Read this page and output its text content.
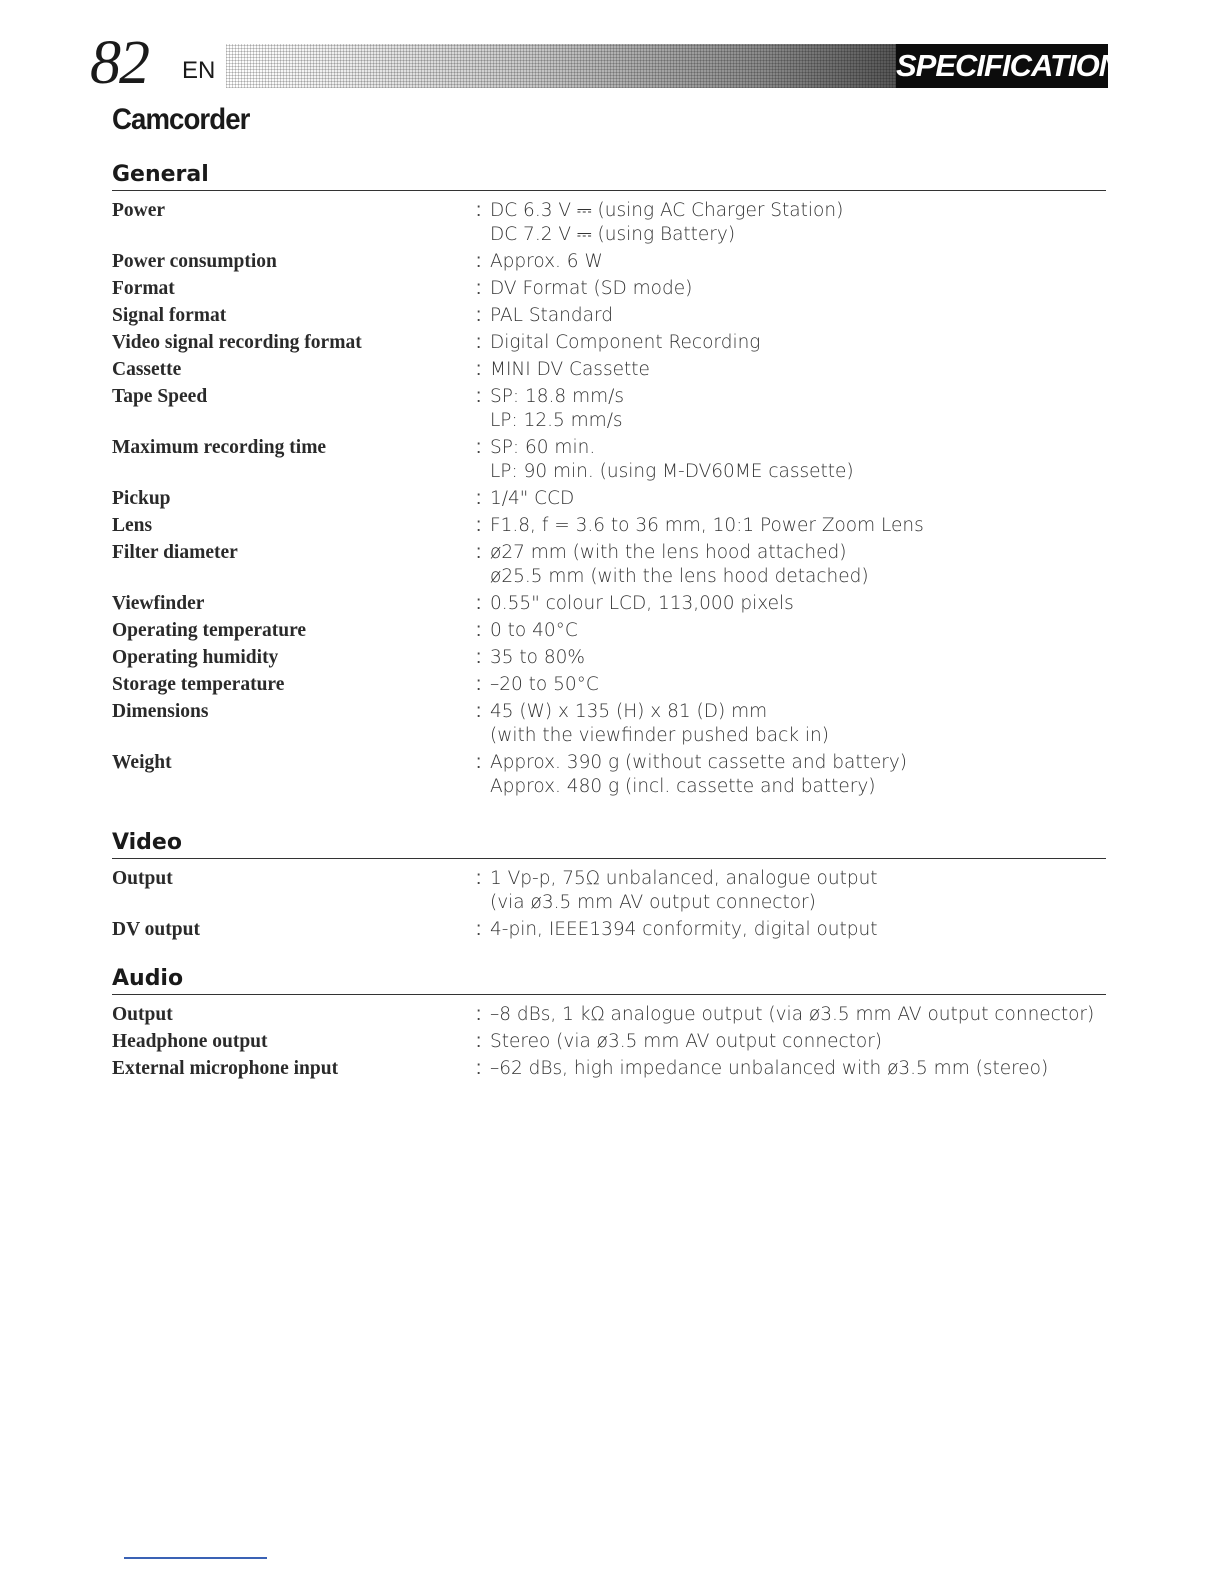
82 EN	SPECIFICATIONS
Camcorder
General
Power	: DC 6.3 V ⎓ (using AC Charger Station)
DC 7.2 V ⎓ (using Battery)
Power consumption	: Approx. 6 W
Format	: DV Format (SD mode)
Signal format	: PAL Standard
Video signal recording format	: Digital Component Recording
Cassette	: MINI DV Cassette
Tape Speed	: SP: 18.8 mm/s
LP: 12.5 mm/s
Maximum recording time	: SP: 60 min.
LP: 90 min. (using M-DV60ME cassette)
Pickup	: 1/4" CCD
Lens	: F1.8, f = 3.6 to 36 mm, 10:1 Power Zoom Lens
Filter diameter	: ø27 mm (with the lens hood attached)
ø25.5 mm (with the lens hood detached)
Viewfinder	: 0.55" colour LCD, 113,000 pixels
Operating temperature	: 0 to 40°C
Operating humidity	: 35 to 80%
Storage temperature	: –20 to 50°C
Dimensions	: 45 (W) x 135 (H) x 81 (D) mm
(with the viewfinder pushed back in)
Weight	: Approx. 390 g (without cassette and battery)
Approx. 480 g (incl. cassette and battery)
Video
Output	: 1 Vp-p, 75Ω unbalanced, analogue output
(via ø3.5 mm AV output connector)
DV output	: 4-pin, IEEE1394 conformity, digital output
Audio
Output	: –8 dBs, 1 kΩ analogue output (via ø3.5 mm AV output connector)
Headphone output	: Stereo (via ø3.5 mm AV output connector)
External microphone input	: –62 dBs, high impedance unbalanced with ø3.5 mm (stereo)
